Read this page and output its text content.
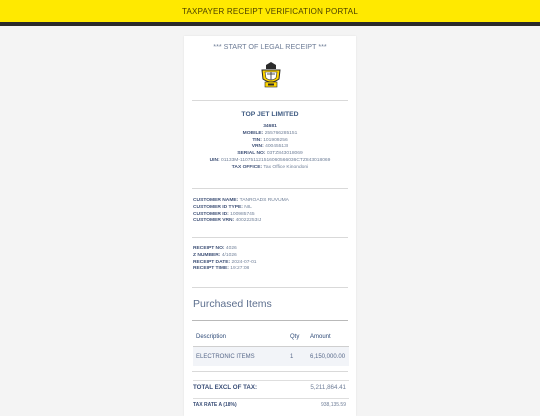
TAXPAYER RECEIPT VERIFICATION PORTAL
*** START OF LEGAL RECEIPT ***
TOP JET LIMITED
34681
MOBILE: 255766285151
TIN: 101909256
VRN: 40045513I
SERIAL NO: 03TZ843018069
UIN: 01133M-110751121516060566036CTZ843018069
TAX OFFICE: Tax Office Kinondoni
CUSTOMER NAME: TANROADS RUVUMA
CUSTOMER ID TYPE: NIL
CUSTOMER ID: 100985745
CUSTOMER VRN: 40022253IJ
RECEIPT NO: 4026
Z NUMBER: 4/1026
RECEIPT DATE: 2024-07-01
RECEIPT TIME: 19:27:08
Purchased Items
Description	Qty	Amount
ELECTRONIC ITEMS	1	6,150,000.00
TOTAL EXCL OF TAX:	5,211,864.41
TAX RATE A (18%)	938,135.59
